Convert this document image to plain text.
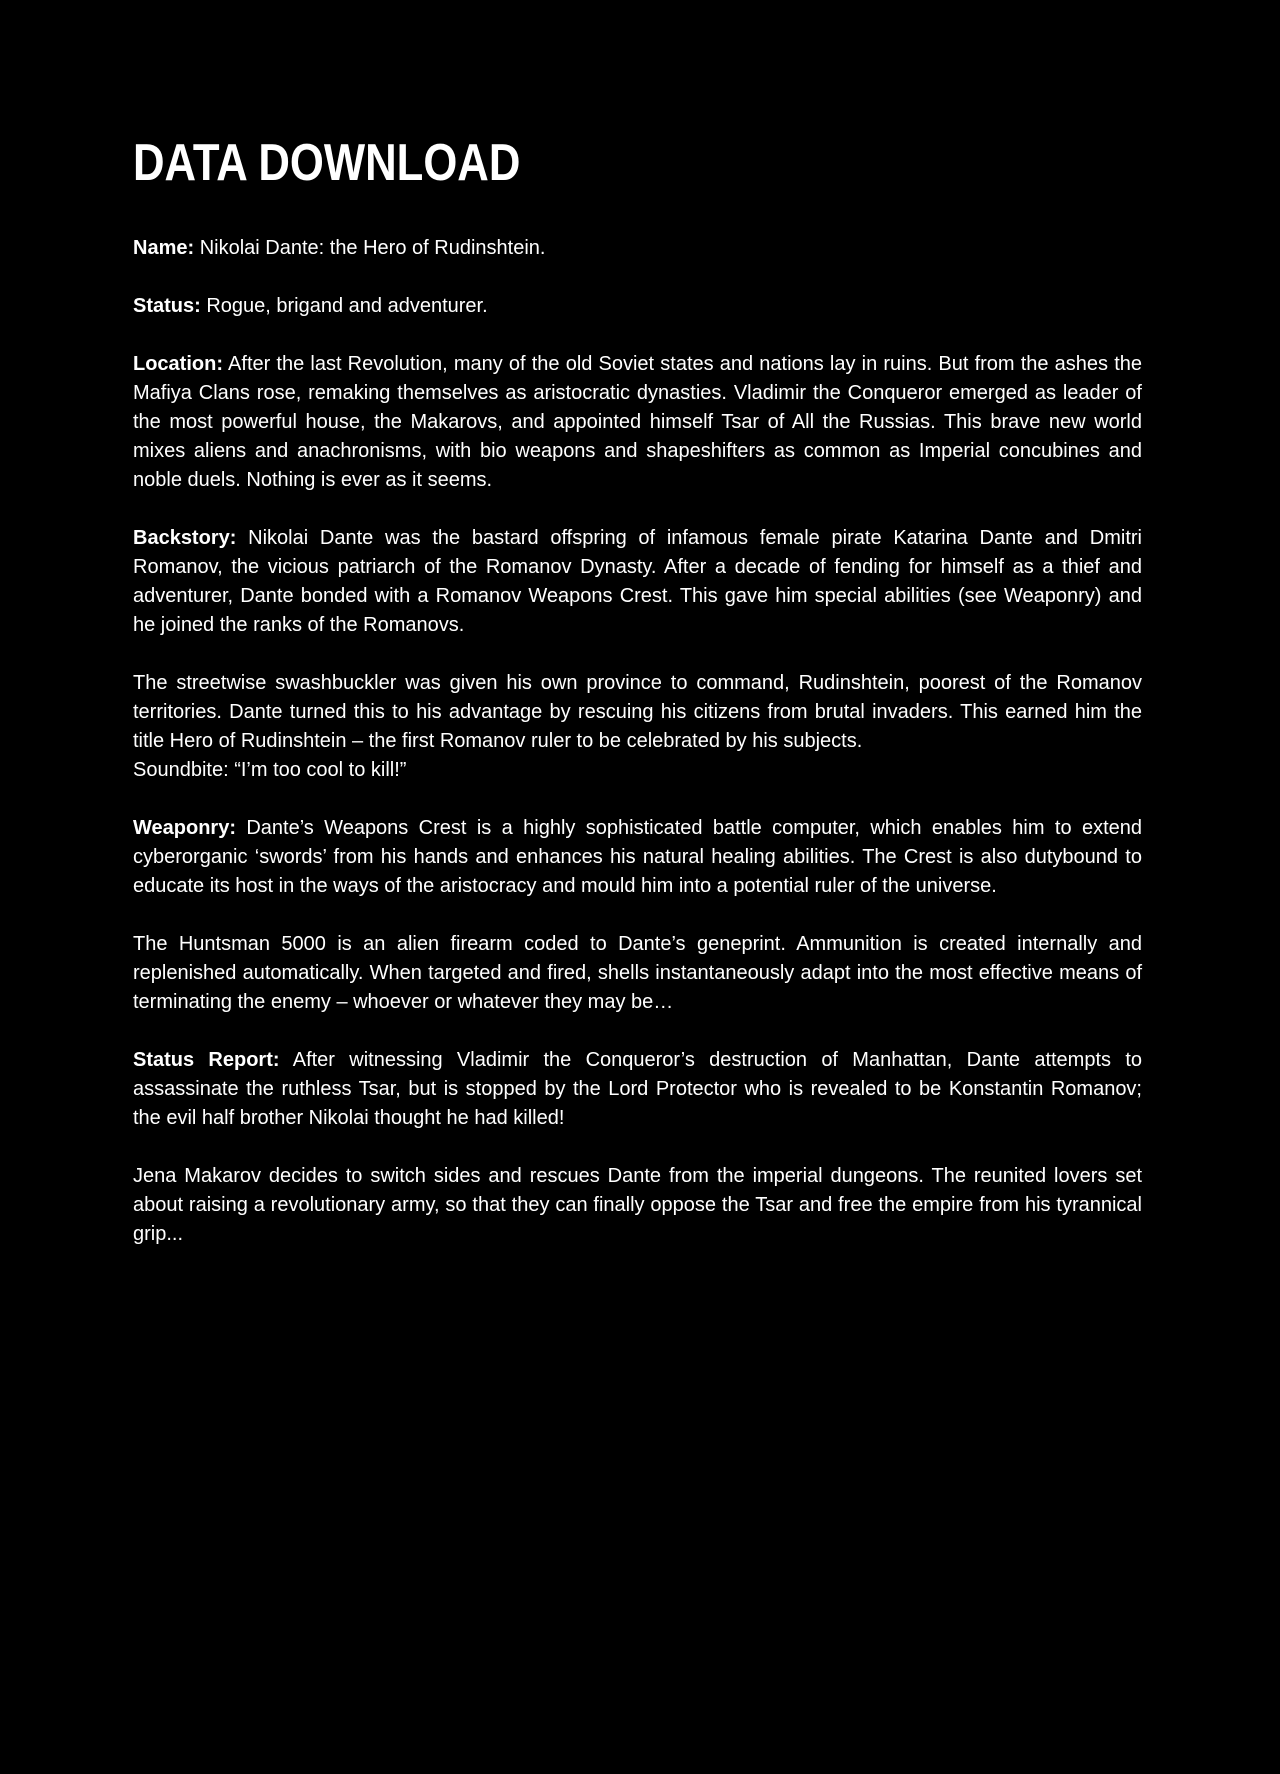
DATA DOWNLOAD

Name: Nikolai Dante: the Hero of Rudinshtein.

Status: Rogue, brigand and adventurer.

Location: After the last Revolution, many of the old Soviet states and nations lay in ruins. But from the ashes the Mafiya Clans rose, remaking themselves as aristocratic dynasties. Vladimir the Conqueror emerged as leader of the most powerful house, the Makarovs, and appointed himself Tsar of All the Russias. This brave new world mixes aliens and anachronisms, with bio weapons and shapeshifters as common as Imperial concubines and noble duels. Nothing is ever as it seems.

Backstory: Nikolai Dante was the bastard offspring of infamous female pirate Katarina Dante and Dmitri Romanov, the vicious patriarch of the Romanov Dynasty. After a decade of fending for himself as a thief and adventurer, Dante bonded with a Romanov Weapons Crest. This gave him special abilities (see Weaponry) and he joined the ranks of the Romanovs.

The streetwise swashbuckler was given his own province to command, Rudinshtein, poorest of the Romanov territories. Dante turned this to his advantage by rescuing his citizens from brutal invaders. This earned him the title Hero of Rudinshtein – the first Romanov ruler to be celebrated by his subjects.

Soundbite: “I’m too cool to kill!”

Weaponry: Dante’s Weapons Crest is a highly sophisticated battle computer, which enables him to extend cyberorganic ‘swords’ from his hands and enhances his natural healing abilities. The Crest is also dutybound to educate its host in the ways of the aristocracy and mould him into a potential ruler of the universe.

The Huntsman 5000 is an alien firearm coded to Dante’s geneprint. Ammunition is created internally and replenished automatically. When targeted and fired, shells instantaneously adapt into the most effective means of terminating the enemy – whoever or whatever they may be…

Status Report: After witnessing Vladimir the Conqueror’s destruction of Manhattan, Dante attempts to assassinate the ruthless Tsar, but is stopped by the Lord Protector who is revealed to be Konstantin Romanov; the evil half brother Nikolai thought he had killed!

Jena Makarov decides to switch sides and rescues Dante from the imperial dungeons. The reunited lovers set about raising a revolutionary army, so that they can finally oppose the Tsar and free the empire from his tyrannical grip...
